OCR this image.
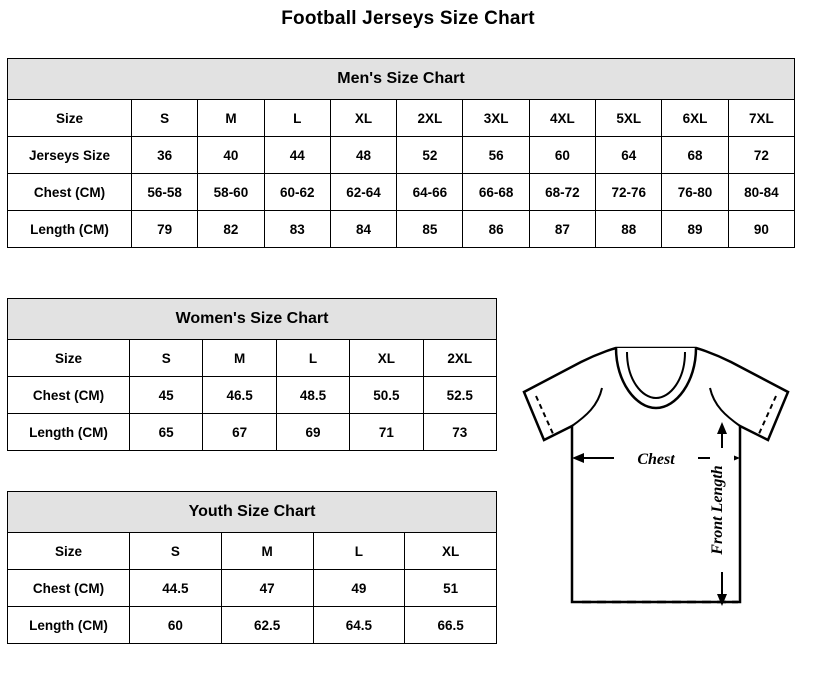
Football Jerseys Size Chart
Men's Size Chart										
Size	S	M	L	XL	2XL	3XL	4XL	5XL	6XL	7XL
Jerseys Size	36	40	44	48	52	56	60	64	68	72
Chest (CM)	56-58	58-60	60-62	62-64	64-66	66-68	68-72	72-76	76-80	80-84
Length (CM)	79	82	83	84	85	86	87	88	89	90
Women's Size Chart					
Size	S	M	L	XL	2XL
Chest (CM)	45	46.5	48.5	50.5	52.5
Length (CM)	65	67	69	71	73
Youth Size Chart				
Size	S	M	L	XL
Chest (CM)	44.5	47	49	51
Length (CM)	60	62.5	64.5	66.5
Chest
Front Length
